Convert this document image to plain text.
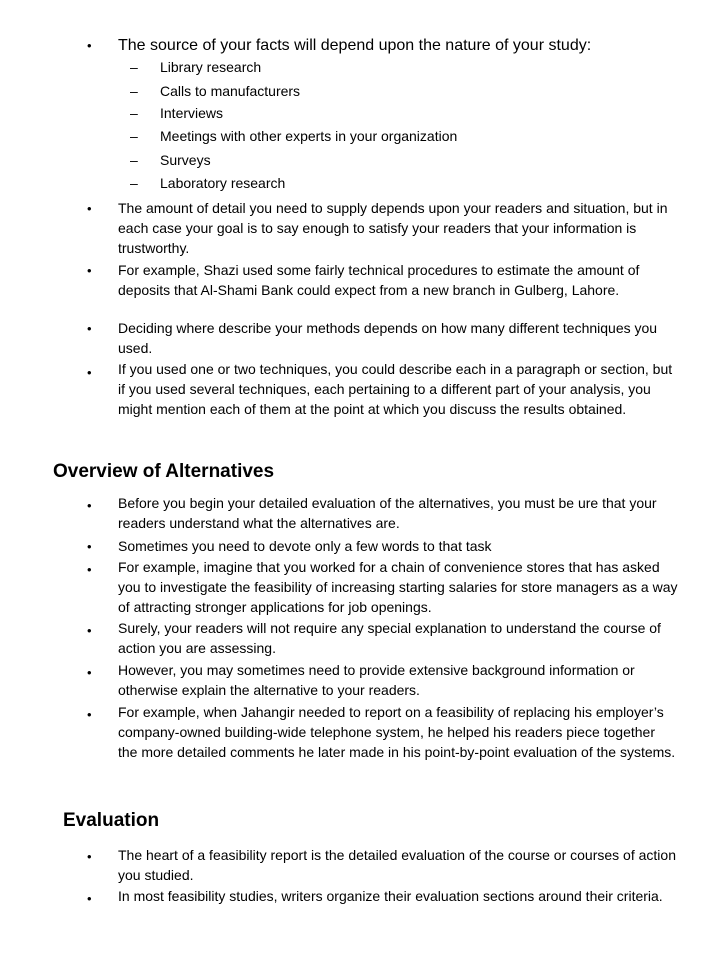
• The source of your facts will depend upon the nature of your study:
– Library research
– Calls to manufacturers
– Interviews
– Meetings with other experts in your organization
– Surveys
– Laboratory research
• The amount of detail you need to supply depends upon your readers and situation, but in each case your goal is to say enough to satisfy your readers that your information is trustworthy.
• For example, Shazi used some fairly technical procedures to estimate the amount of deposits that Al-Shami Bank could expect from a new branch in Gulberg, Lahore.
• Deciding where describe your methods depends on how many different techniques you used.
• If you used one or two techniques, you could describe each in a paragraph or section, but if you used several techniques, each pertaining to a different part of your analysis, you might mention each of them at the point at which you discuss the results obtained.
Overview of Alternatives
• Before you begin your detailed evaluation of the alternatives, you must be ure that your readers understand what the alternatives are.
• Sometimes you need to devote only a few words to that task
• For example, imagine that you worked for a chain of convenience stores that has asked you to investigate the feasibility of increasing starting salaries for store managers as a way of attracting stronger applications for job openings.
• Surely, your readers will not require any special explanation to understand the course of action you are assessing.
• However, you may sometimes need to provide extensive background information or otherwise explain the alternative to your readers.
• For example, when Jahangir needed to report on a feasibility of replacing his employer’s company-owned building-wide telephone system, he helped his readers piece together the more detailed comments he later made in his point-by-point evaluation of the systems.
Evaluation
• The heart of a feasibility report is the detailed evaluation of the course or courses of action you studied.
• In most feasibility studies, writers organize their evaluation sections around their criteria.
